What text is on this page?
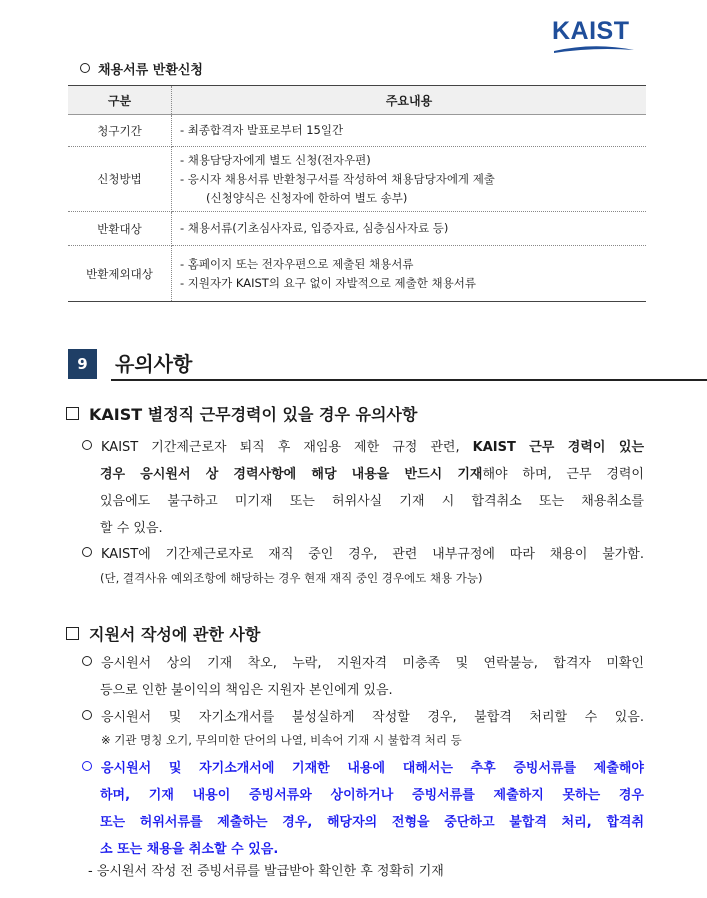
KAIST
채용서류 반환신청
구분	주요내용
청구기간	- 최종합격자 발표로부터 15일간

신청방법	- 채용담당자에게 별도 신청(전자우편)
- 응시자 채용서류 반환청구서를 작성하여 채용담당자에게 제출
(신청양식은 신청자에 한하여 별도 송부)

반환대상	- 채용서류(기초심사자료, 입증자료, 심층심사자료 등)

반환제외대상	- 홈페이지 또는 전자우편으로 제출된 채용서류
- 지원자가 KAIST의 요구 없이 자발적으로 제출한 채용서류
9	유의사항
KAIST 별정직 근무경력이 있을 경우 유의사항
KAIST 기간제근로자 퇴직 후 재임용 제한 규정 관련, KAIST 근무 경력이 있는
경우 응시원서 상 경력사항에 해당 내용을 반드시 기재해야 하며, 근무 경력이
있음에도 불구하고 미기재 또는 허위사실 기재 시 합격취소 또는 채용취소를
할 수 있음.
KAIST에 기간제근로자로 재직 중인 경우, 관련 내부규정에 따라 채용이 불가함.
(단, 결격사유 예외조항에 해당하는 경우 현재 재직 중인 경우에도 채용 가능)
지원서 작성에 관한 사항
응시원서 상의 기재 착오, 누락, 지원자격 미충족 및 연락불능, 합격자 미확인
등으로 인한 불이익의 책임은 지원자 본인에게 있음.
응시원서 및 자기소개서를 불성실하게 작성할 경우, 불합격 처리할 수 있음.
※ 기관 명칭 오기, 무의미한 단어의 나열, 비속어 기재 시 불합격 처리 등
응시원서 및 자기소개서에 기재한 내용에 대해서는 추후 증빙서류를 제출해야
하며, 기재 내용이 증빙서류와 상이하거나 증빙서류를 제출하지 못하는 경우
또는 허위서류를 제출하는 경우, 해당자의 전형을 중단하고 불합격 처리, 합격취
소 또는 채용을 취소할 수 있음.
- 응시원서 작성 전 증빙서류를 발급받아 확인한 후 정확히 기재
